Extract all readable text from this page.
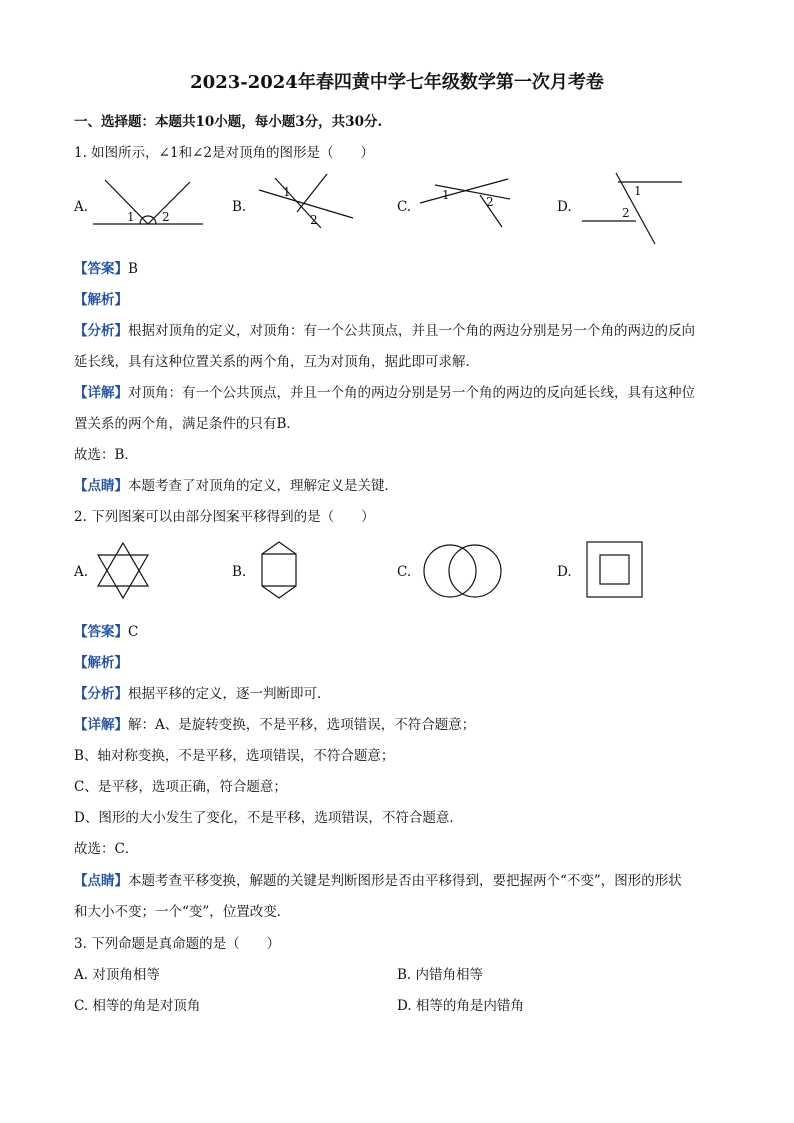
2023-2024年春四黄中学七年级数学第一次月考卷
一、选择题：本题共10小题，每小题3分，共30分.
1. 如图所示，∠1和∠2是对顶角的图形是（　　）
A.
1 2
B.
1
2
C.
1	2	D.
1
2
【答案】B
【解析】
【分析】根据对顶角的定义，对顶角：有一个公共顶点，并且一个角的两边分别是另一个角的两边的反向
延长线，具有这种位置关系的两个角，互为对顶角，据此即可求解．
【详解】对顶角：有一个公共顶点，并且一个角的两边分别是另一个角的两边的反向延长线，具有这种位
置关系的两个角，满足条件的只有B．
故选：B．
【点睛】本题考查了对顶角的定义，理解定义是关键．
2. 下列图案可以由部分图案平移得到的是（　　）
A.	B.	C.	D.
【答案】C
【解析】
【分析】根据平移的定义，逐一判断即可．
【详解】解：A、是旋转变换，不是平移，选项错误，不符合题意；
B、轴对称变换，不是平移，选项错误，不符合题意；
C、是平移，选项正确，符合题意；
D、图形的大小发生了变化，不是平移，选项错误，不符合题意．
故选：C．
【点睛】本题考查平移变换，解题的关键是判断图形是否由平移得到，要把握两个“不变”，图形的形状
和大小不变；一个“变”，位置改变．
3. 下列命题是真命题的是（　　）
A. 对顶角相等	B. 内错角相等
C. 相等的角是对顶角	D. 相等的角是内错角
